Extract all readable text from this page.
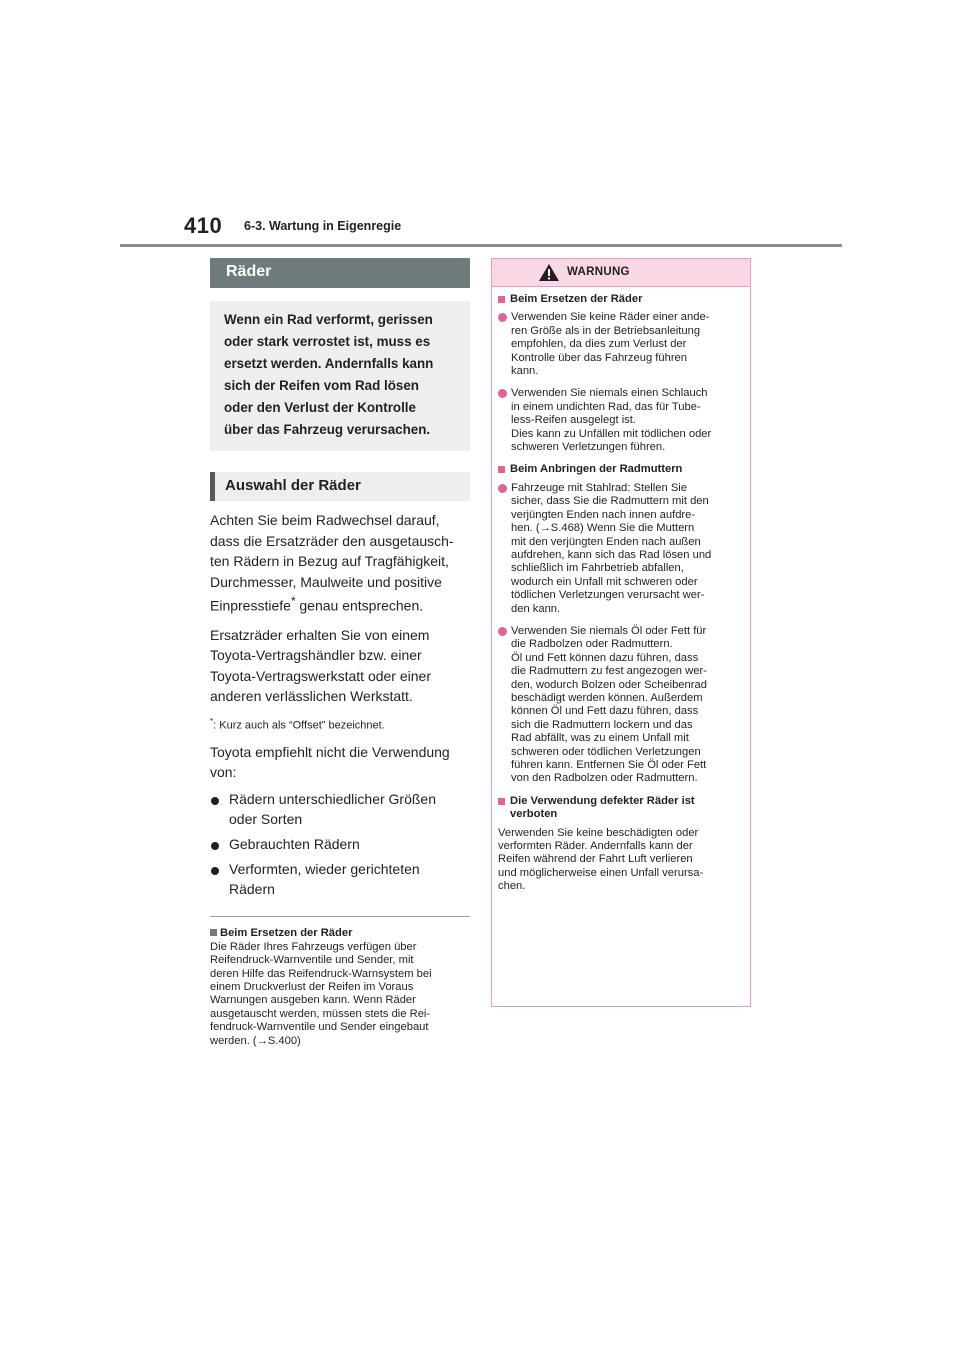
410 6-3. Wartung in Eigenregie
Räder
Wenn ein Rad verformt, gerissen
oder stark verrostet ist, muss es
ersetzt werden. Andernfalls kann
sich der Reifen vom Rad lösen
oder den Verlust der Kontrolle
über das Fahrzeug verursachen.
Auswahl der Räder

Achten Sie beim Radwechsel darauf,
dass die Ersatzräder den ausgetausch-
ten Rädern in Bezug auf Tragfähigkeit,
Durchmesser, Maulweite und positive
Einpresstiefe* genau entsprechen.

Ersatzräder erhalten Sie von einem
Toyota-Vertragshändler bzw. einer
Toyota-Vertragswerkstatt oder einer
anderen verlässlichen Werkstatt.

*: Kurz auch als “Offset” bezeichnet.

Toyota empfiehlt nicht die Verwendung
von:

Rädern unterschiedlicher Größen
oder Sorten
Gebrauchten Rädern
Verformten, wieder gerichteten
Rädern
Beim Ersetzen der Räder
Die Räder Ihres Fahrzeugs verfügen über
Reifendruck-Warnventile und Sender, mit
deren Hilfe das Reifendruck-Warnsystem bei
einem Druckverlust der Reifen im Voraus
Warnungen ausgeben kann. Wenn Räder
ausgetauscht werden, müssen stets die Rei-
fendruck-Warnventile und Sender eingebaut
werden. (→S.400)
WARNUNG
Beim Ersetzen der Räder
Verwenden Sie keine Räder einer ande-
ren Größe als in der Betriebsanleitung
empfohlen, da dies zum Verlust der
Kontrolle über das Fahrzeug führen
kann.
Verwenden Sie niemals einen Schlauch
in einem undichten Rad, das für Tube-
less-Reifen ausgelegt ist.
Dies kann zu Unfällen mit tödlichen oder
schweren Verletzungen führen.
Beim Anbringen der Radmuttern
Fahrzeuge mit Stahlrad: Stellen Sie
sicher, dass Sie die Radmuttern mit den
verjüngten Enden nach innen aufdre-
hen. (→S.468) Wenn Sie die Muttern
mit den verjüngten Enden nach außen
aufdrehen, kann sich das Rad lösen und
schließlich im Fahrbetrieb abfallen,
wodurch ein Unfall mit schweren oder
tödlichen Verletzungen verursacht wer-
den kann.
Verwenden Sie niemals Öl oder Fett für
die Radbolzen oder Radmuttern.
Öl und Fett können dazu führen, dass
die Radmuttern zu fest angezogen wer-
den, wodurch Bolzen oder Scheibenrad
beschädigt werden können. Außerdem
können Öl und Fett dazu führen, dass
sich die Radmuttern lockern und das
Rad abfällt, was zu einem Unfall mit
schweren oder tödlichen Verletzungen
führen kann. Entfernen Sie Öl oder Fett
von den Radbolzen oder Radmuttern.
Die Verwendung defekter Räder ist
verboten
Verwenden Sie keine beschädigten oder
verformten Räder. Andernfalls kann der
Reifen während der Fahrt Luft verlieren
und möglicherweise einen Unfall verursa-
chen.
